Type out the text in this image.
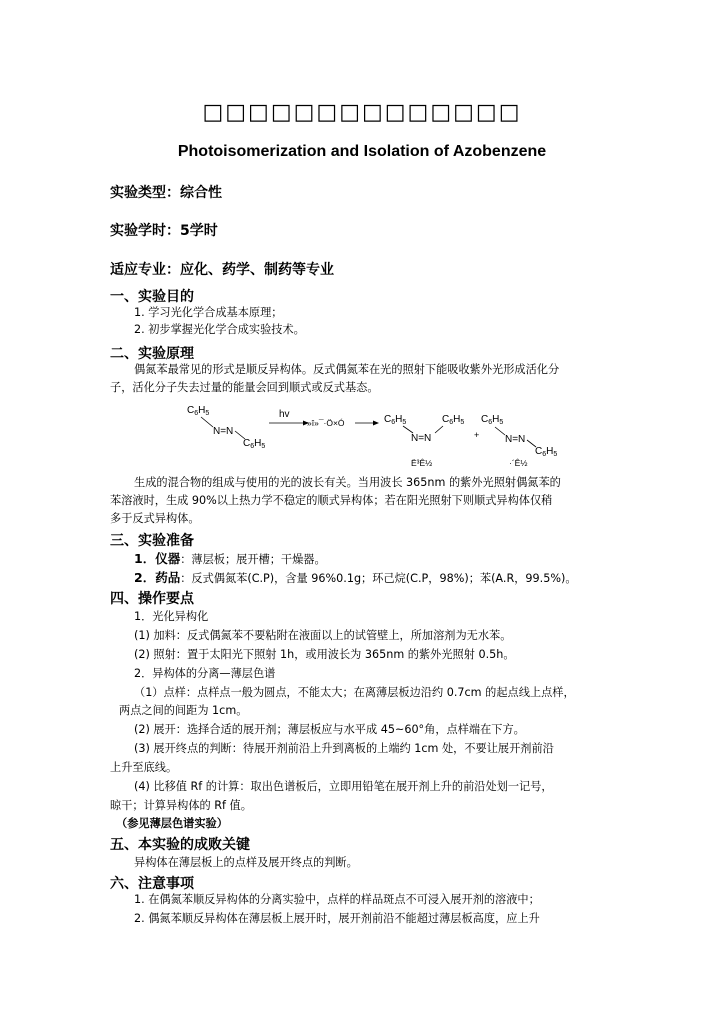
□□□□□□□□□□□□□□
Photoisomerization and Isolation of Azobenzene
实验类型：综合性
实验学时：5学时
适应专业：应化、药学、制药等专业
一、实验目的
1. 学习光化学合成基本原理；
2. 初步掌握光化学合成实验技术。
二、实验原理
偶氮苯最常见的形式是顺反异构体。反式偶氮苯在光的照射下能吸收紫外光形成活化分
子，活化分子失去过量的能量会回到顺式或反式基态。
$C_6H_5$
N=N
$C_6H_5$
hv
»î»¯·Ö×Ó	$C_6H_5$	$C_6H_5$
N=N
Ë³Ê½
+
$C_6H_5$
N=N
$C_6H_5$
·´Ê½
生成的混合物的组成与使用的光的波长有关。当用波长 365nm 的紫外光照射偶氮苯的
苯溶液时，生成 90%以上热力学不稳定的顺式异构体；若在阳光照射下则顺式异构体仅稍
多于反式异构体。
三、实验准备
1．仪器：薄层板；展开槽；干燥器。
2．药品：反式偶氮苯(C.P)，含量 96%0.1g；环己烷(C.P，98%)；苯(A.R，99.5%)。
四、操作要点
1．光化异构化
(1) 加料：反式偶氮苯不要粘附在液面以上的试管壁上，所加溶剂为无水苯。
(2) 照射：置于太阳光下照射 1h，或用波长为 365nm 的紫外光照射 0.5h。
2．异构体的分离—薄层色谱
（1）点样：点样点一般为圆点，不能太大；在离薄层板边沿约 0.7cm 的起点线上点样，
两点之间的间距为 1cm。
(2) 展开：选择合适的展开剂；薄层板应与水平成 45~60°角，点样端在下方。
(3) 展开终点的判断：待展开剂前沿上升到离板的上端约 1cm 处，不要让展开剂前沿
上升至底线。
(4) 比移值 Rf 的计算：取出色谱板后，立即用铅笔在展开剂上升的前沿处划一记号，
晾干；计算异构体的 Rf 值。
（参见薄层色谱实验）
五、本实验的成败关键
异构体在薄层板上的点样及展开终点的判断。
六、注意事项
1. 在偶氮苯顺反异构体的分离实验中，点样的样品斑点不可浸入展开剂的溶液中；
2. 偶氮苯顺反异构体在薄层板上展开时，展开剂前沿不能超过薄层板高度，应上升
